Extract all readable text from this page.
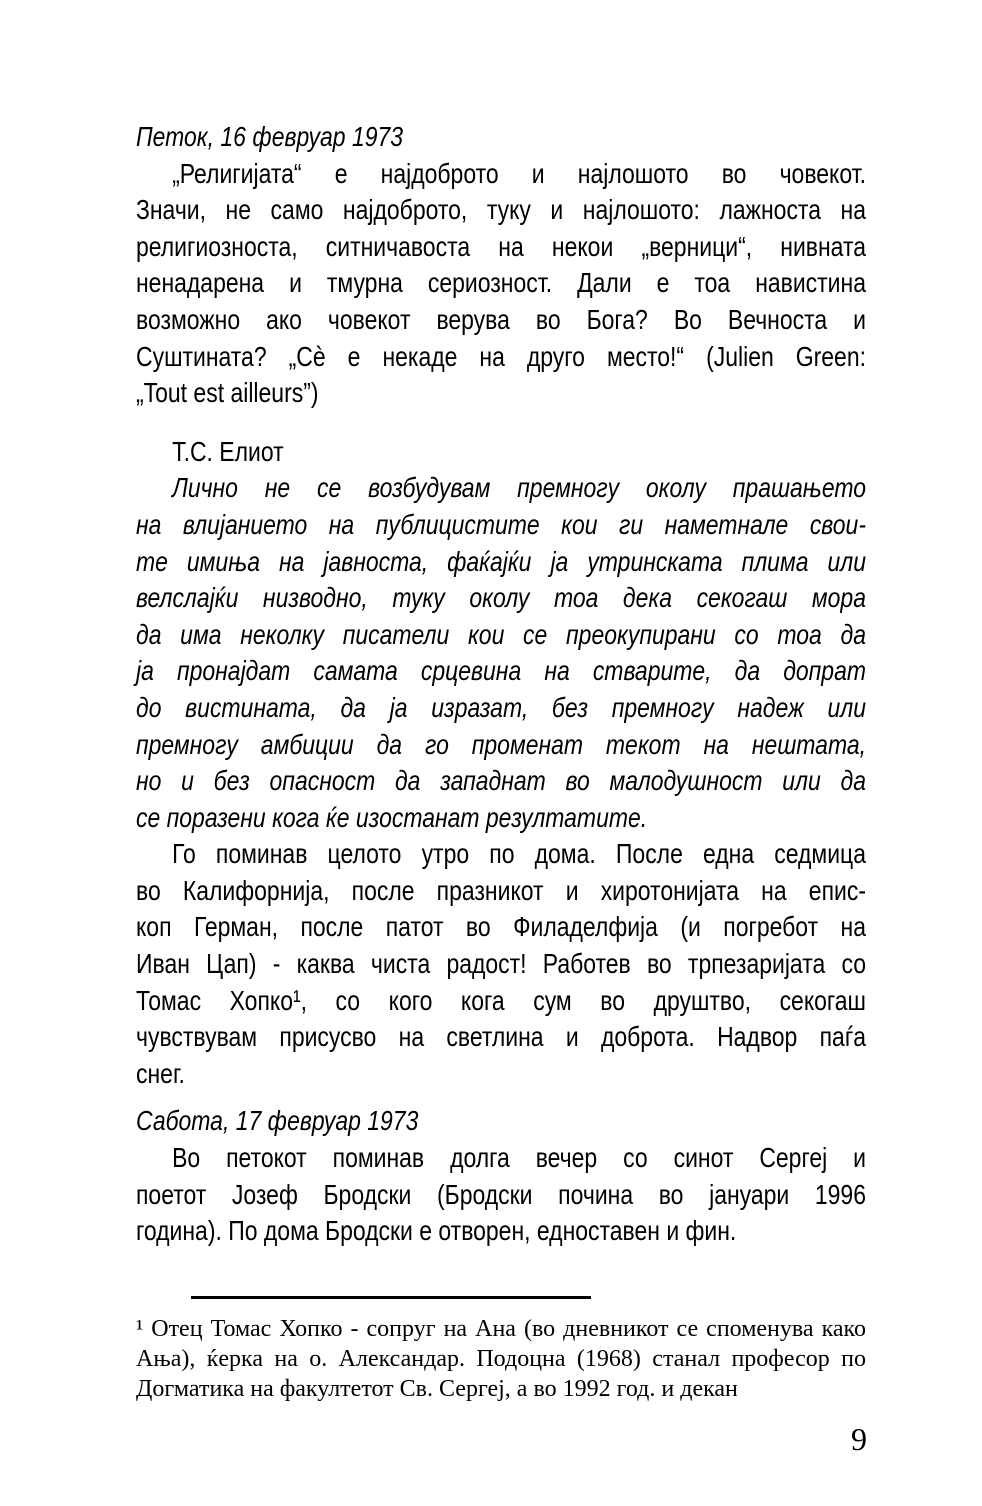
Петок, 16 февруар 1973
„Религијата“ е најдоброто и најлошото во човекот.
Значи, не само најдоброто, туку и најлошото: лажноста на
религиозноста, ситничавоста на некои „верници“, нивната
ненадарена и тмурна сериозност. Дали е тоа навистина
возможно ако човекот верува во Бога? Во Вечноста и
Суштината? „Сè е некаде на друго место!“ (Julien Green:
„Tout est ailleurs”)
Т.С. Елиот
Лично не се возбудувам премногу околу прашањето
на влијанието на публицистите кои ги наметнале свои-
те имиња на јавноста, фаќајќи ја утринската плима или
велслајќи низводно, туку околу тоа дека секогаш мора
да има неколку писатели кои се преокупирани со тоа да
ја пронајдат самата срцевина на стварите, да допрат
до вистината, да ја изразат, без премногу надеж или
премногу амбиции да го променат текот на нештата,
но и без опасност да западнат во малодушност или да
се поразени кога ќе изостанат резултатите.
Го поминав целото утро по дома. После една седмица
во Калифорнија, после празникот и хиротонијата на епис-
коп Герман, после патот во Филаделфија (и погребот на
Иван Цап) - каква чиста радост! Работев во трпезаријата со
Томас Хопко¹, со кого кога сум во друштво, секогаш
чувствувам присусво на светлина и доброта. Надвор паѓа
снег.
Сабота, 17 февруар 1973
Во петокот поминав долга вечер со синот Сергеј и
поетот Јозеф Бродски (Бродски почина во јануари 1996
година). По дома Бродски е отворен, едноставен и фин.
¹ Отец Томас Хопко - сопруг на Ана (во дневникот се споменува како
Ања), ќерка на о. Александар. Подоцна (1968) станал професор по
Догматика на факултетот Св. Сергеј, а во 1992 год. и декан
9
